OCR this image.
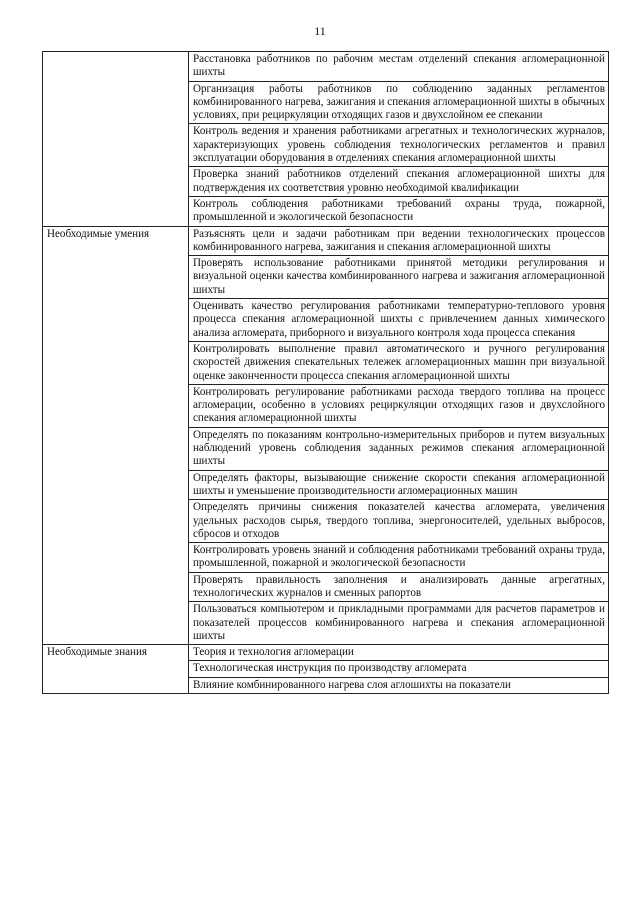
11

	Расстановка работников по рабочим местам отделений спекания агломерационной шихты

	Организация работы работников по соблюдению заданных регламентов комбинированного нагрева, зажигания и спекания агломерационной шихты в обычных условиях, при рециркуляции отходящих газов и двухслойном ее спекании

	Контроль ведения и хранения работниками агрегатных и технологических журналов, характеризующих уровень соблюдения технологических регламентов и правил эксплуатации оборудования в отделениях спекания агломерационной шихты

	Проверка знаний работников отделений спекания агломерационной шихты для подтверждения их соответствия уровню необходимой квалификации

	Контроль соблюдения работниками требований охраны труда, пожарной, промышленной и экологической безопасности

Необходимые умения	Разъяснять цели и задачи работникам при ведении технологических процессов комбинированного нагрева, зажигания и спекания агломерационной шихты

	Проверять использование работниками принятой методики регулирования и визуальной оценки качества комбинированного нагрева и зажигания агломерационной шихты

	Оценивать качество регулирования работниками температурно-теплового уровня процесса спекания агломерационной шихты с привлечением данных химического анализа агломерата, приборного и визуального контроля хода процесса спекания

	Контролировать выполнение правил автоматического и ручного регулирования скоростей движения спекательных тележек агломерационных машин при визуальной оценке законченности процесса спекания агломерационной шихты

	Контролировать регулирование работниками расхода твердого топлива на процесс агломерации, особенно в условиях рециркуляции отходящих газов и двухслойного спекания агломерационной шихты

	Определять по показаниям контрольно-измерительных приборов и путем визуальных наблюдений уровень соблюдения заданных режимов спекания агломерационной шихты

	Определять факторы, вызывающие снижение скорости спекания агломерационной шихты и уменьшение производительности агломерационных машин

	Определять причины снижения показателей качества агломерата, увеличения удельных расходов сырья, твердого топлива, энергоносителей, удельных выбросов, сбросов и отходов

	Контролировать уровень знаний и соблюдения работниками требований охраны труда, промышленной, пожарной и экологической безопасности

	Проверять правильность заполнения и анализировать данные агрегатных, технологических журналов и сменных рапортов

	Пользоваться компьютером и прикладными программами для расчетов параметров и показателей процессов комбинированного нагрева и спекания агломерационной шихты

Необходимые знания	Теория и технология агломерации

	Технологическая инструкция по производству агломерата

	Влияние комбинированного нагрева слоя аглошихты на показатели
